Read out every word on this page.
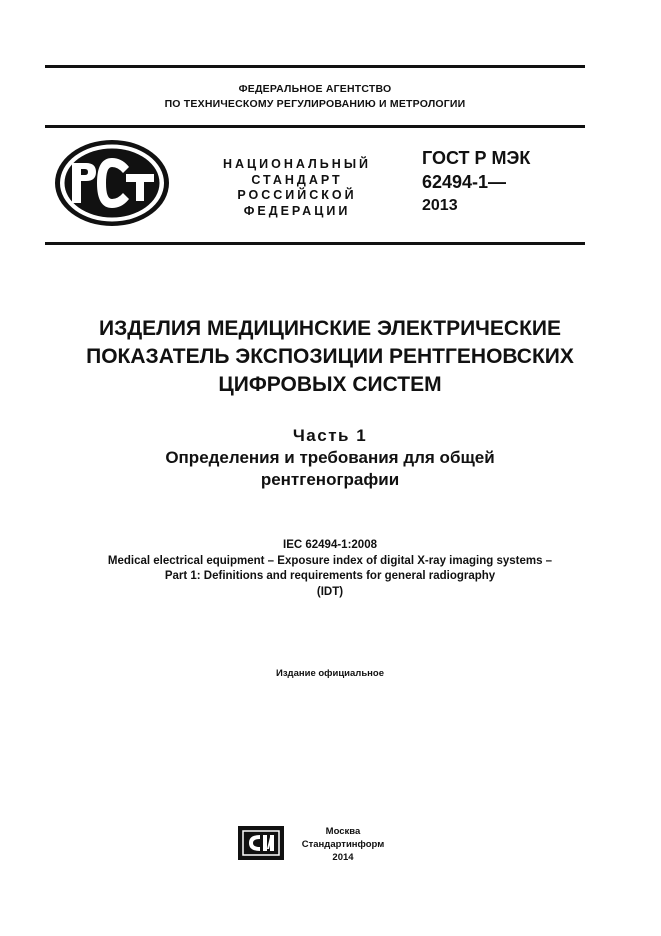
ФЕДЕРАЛЬНОЕ АГЕНТСТВО
ПО ТЕХНИЧЕСКОМУ РЕГУЛИРОВАНИЮ И МЕТРОЛОГИИ
НАЦИОНАЛЬНЫЙ
СТАНДАРТ
РОССИЙСКОЙ
ФЕДЕРАЦИИ
ГОСТ Р МЭК
62494-1—
2013
ИЗДЕЛИЯ МЕДИЦИНСКИЕ ЭЛЕКТРИЧЕСКИЕ
ПОКАЗАТЕЛЬ ЭКСПОЗИЦИИ РЕНТГЕНОВСКИХ
ЦИФРОВЫХ СИСТЕМ
Часть 1
Определения и требования для общей
рентгенографии
IEC 62494-1:2008
Medical electrical equipment – Exposure index of digital X-ray imaging systems –
Part 1: Definitions and requirements for general radiography
(IDT)
Издание официальное
Москва
Стандартинформ
2014
